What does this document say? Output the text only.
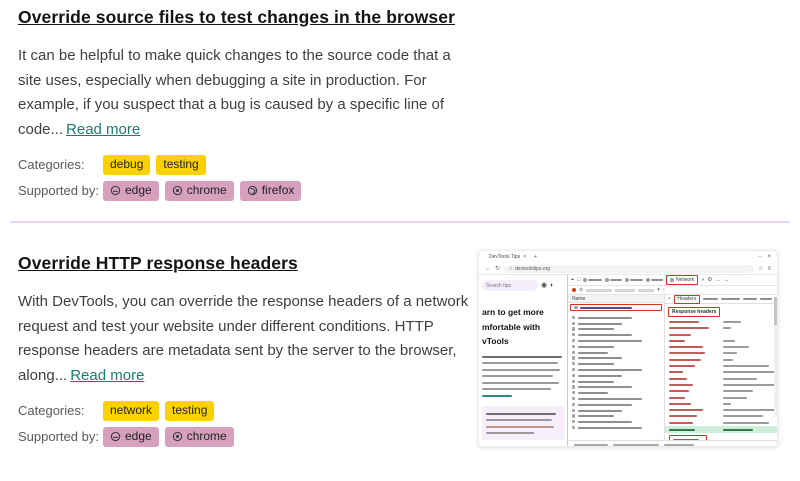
Override source files to test changes in the browser

It can be helpful to make quick changes to the source code that a site uses, especially when debugging a site in production. For example, if you suspect that a bug is caused by a specific line of code... Read more

Categories:	debug	testing
Supported by:	edge	chrome	firefox
Override HTTP response headers

With DevTools, you can override the response headers of a network request and test your website under different conditions. HTTP response headers are metadata sent by the server to the browser, along... Read more

Categories:	network	testing
Supported by:	edge	chrome
DevTools Tips × +	− ×
← ↻ ○ devtoolstips.org	☆ ≡
Search tips	◉ ◐
arn to get more
mfortable with
vTools
⌖ □	Network » ⚙ … →
⊘	▾ ↕
Name	×	Headers
Response headers
